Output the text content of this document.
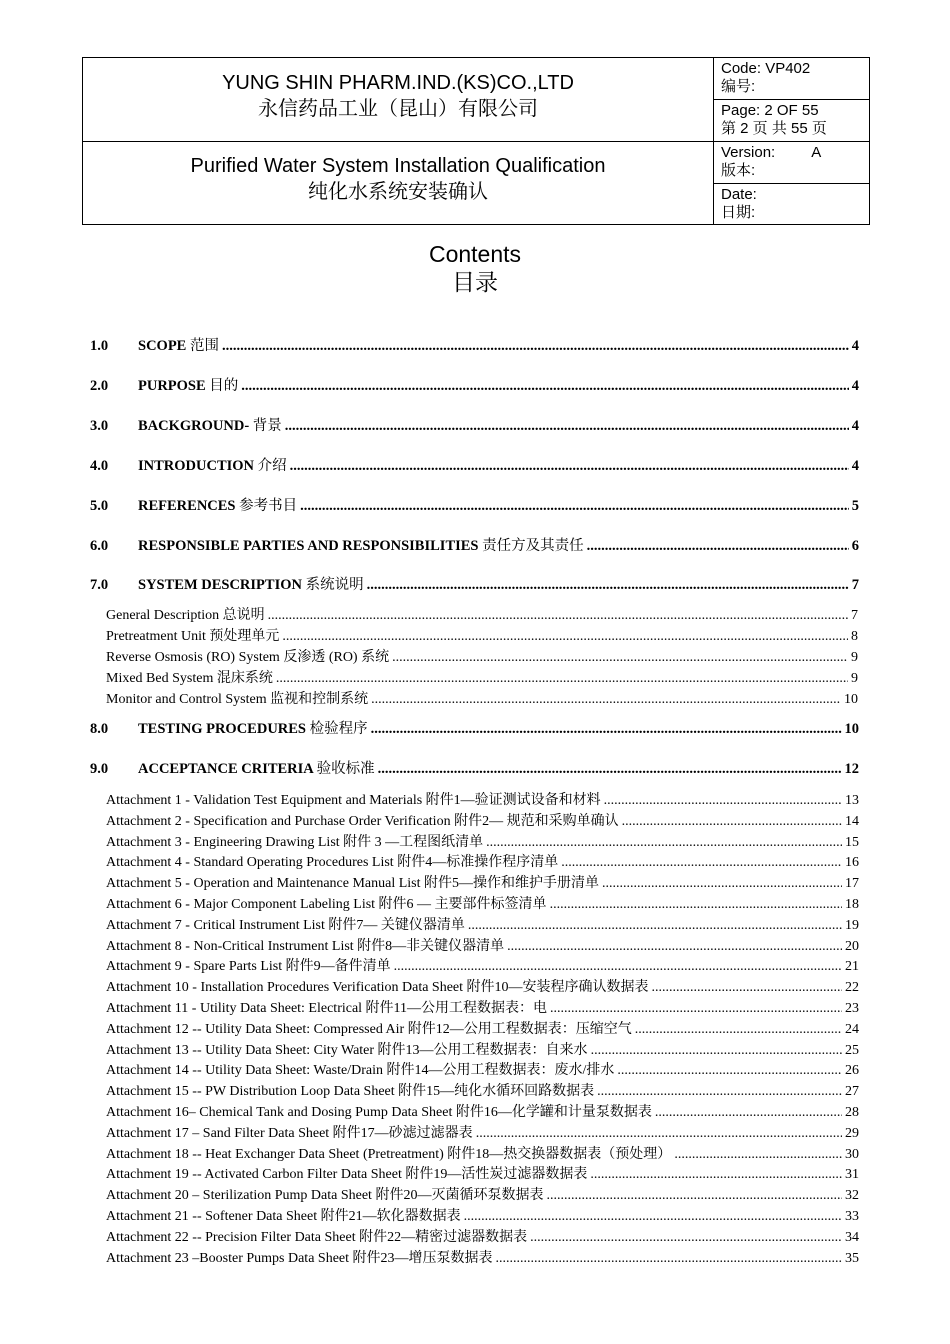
YUNG SHIN PHARM.IND.(KS)CO.,LTD
永信药品工业（昆山）有限公司
Purified Water System Installation Qualification
纯化水系统安装确认
Code: VP402
编号:
Page: 2 OF 55
第 2 页 共 55 页
Version: A
版本:
Date:
日期:
Contents
目录
1.0	SCOPE 范围 .....	4
2.0	PURPOSE 目的 .....	4
3.0	BACKGROUND- 背景 .....	4
4.0	INTRODUCTION 介绍 .....	4
5.0	REFERENCES 参考书目 .....	5
6.0	RESPONSIBLE PARTIES AND RESPONSIBILITIES 责任方及其责任 .....	6
7.0	SYSTEM DESCRIPTION 系统说明 .....	7
8.0	TESTING PROCEDURES 检验程序 .....	10
9.0	ACCEPTANCE CRITERIA 验收标准 .....	12
General Description 总说明 .....	7
Pretreatment Unit 预处理单元 .....	8
Reverse Osmosis (RO) System 反渗透 (RO) 系统 .....	9
Mixed Bed System 混床系统 .....	9
Monitor and Control System 监视和控制系统 .....	10
Attachment 1 - Validation Test Equipment and Materials 附件1—验证测试设备和材料 .....	13
Attachment 2 - Specification and Purchase Order Verification 附件2— 规范和采购单确认 .....	14
Attachment 3 - Engineering Drawing List 附件 3 —工程图纸清单 .....	15
Attachment 4 - Standard Operating Procedures List 附件4—标准操作程序清单 .....	16
Attachment 5 - Operation and Maintenance Manual List 附件5—操作和维护手册清单 .....	17
Attachment 6 - Major Component Labeling List 附件6 — 主要部件标签清单 .....	18
Attachment 7 - Critical Instrument List 附件7— 关键仪器清单 .....	19
Attachment 8 - Non-Critical Instrument List 附件8—非关键仪器清单 .....	20
Attachment 9 - Spare Parts List 附件9—备件清单 .....	21
Attachment 10 - Installation Procedures Verification Data Sheet 附件10—安装程序确认数据表 .....	22
Attachment 11 - Utility Data Sheet: Electrical 附件11—公用工程数据表：电 .....	23
Attachment 12 -- Utility Data Sheet: Compressed Air 附件12—公用工程数据表：压缩空气 .....	24
Attachment 13 -- Utility Data Sheet: City Water 附件13—公用工程数据表：自来水 .....	25
Attachment 14 -- Utility Data Sheet: Waste/Drain 附件14—公用工程数据表：废水/排水 .....	26
Attachment 15 -- PW Distribution Loop Data Sheet 附件15—纯化水循环回路数据表 .....	27
Attachment 16– Chemical Tank and Dosing Pump Data Sheet 附件16—化学罐和计量泵数据表 .....	28
Attachment 17 – Sand Filter Data Sheet 附件17—砂滤过滤器表 .....	29
Attachment 18 -- Heat Exchanger Data Sheet (Pretreatment) 附件18—热交换器数据表（预处理） .....	30
Attachment 19 -- Activated Carbon Filter Data Sheet 附件19—活性炭过滤器数据表 .....	31
Attachment 20 – Sterilization Pump Data Sheet 附件20—灭菌循环泵数据表 .....	32
Attachment 21 -- Softener Data Sheet 附件21—软化器数据表 .....	33
Attachment 22 -- Precision Filter Data Sheet 附件22—精密过滤器数据表 .....	34
Attachment 23 –Booster Pumps Data Sheet 附件23—增压泵数据表 .....	35
